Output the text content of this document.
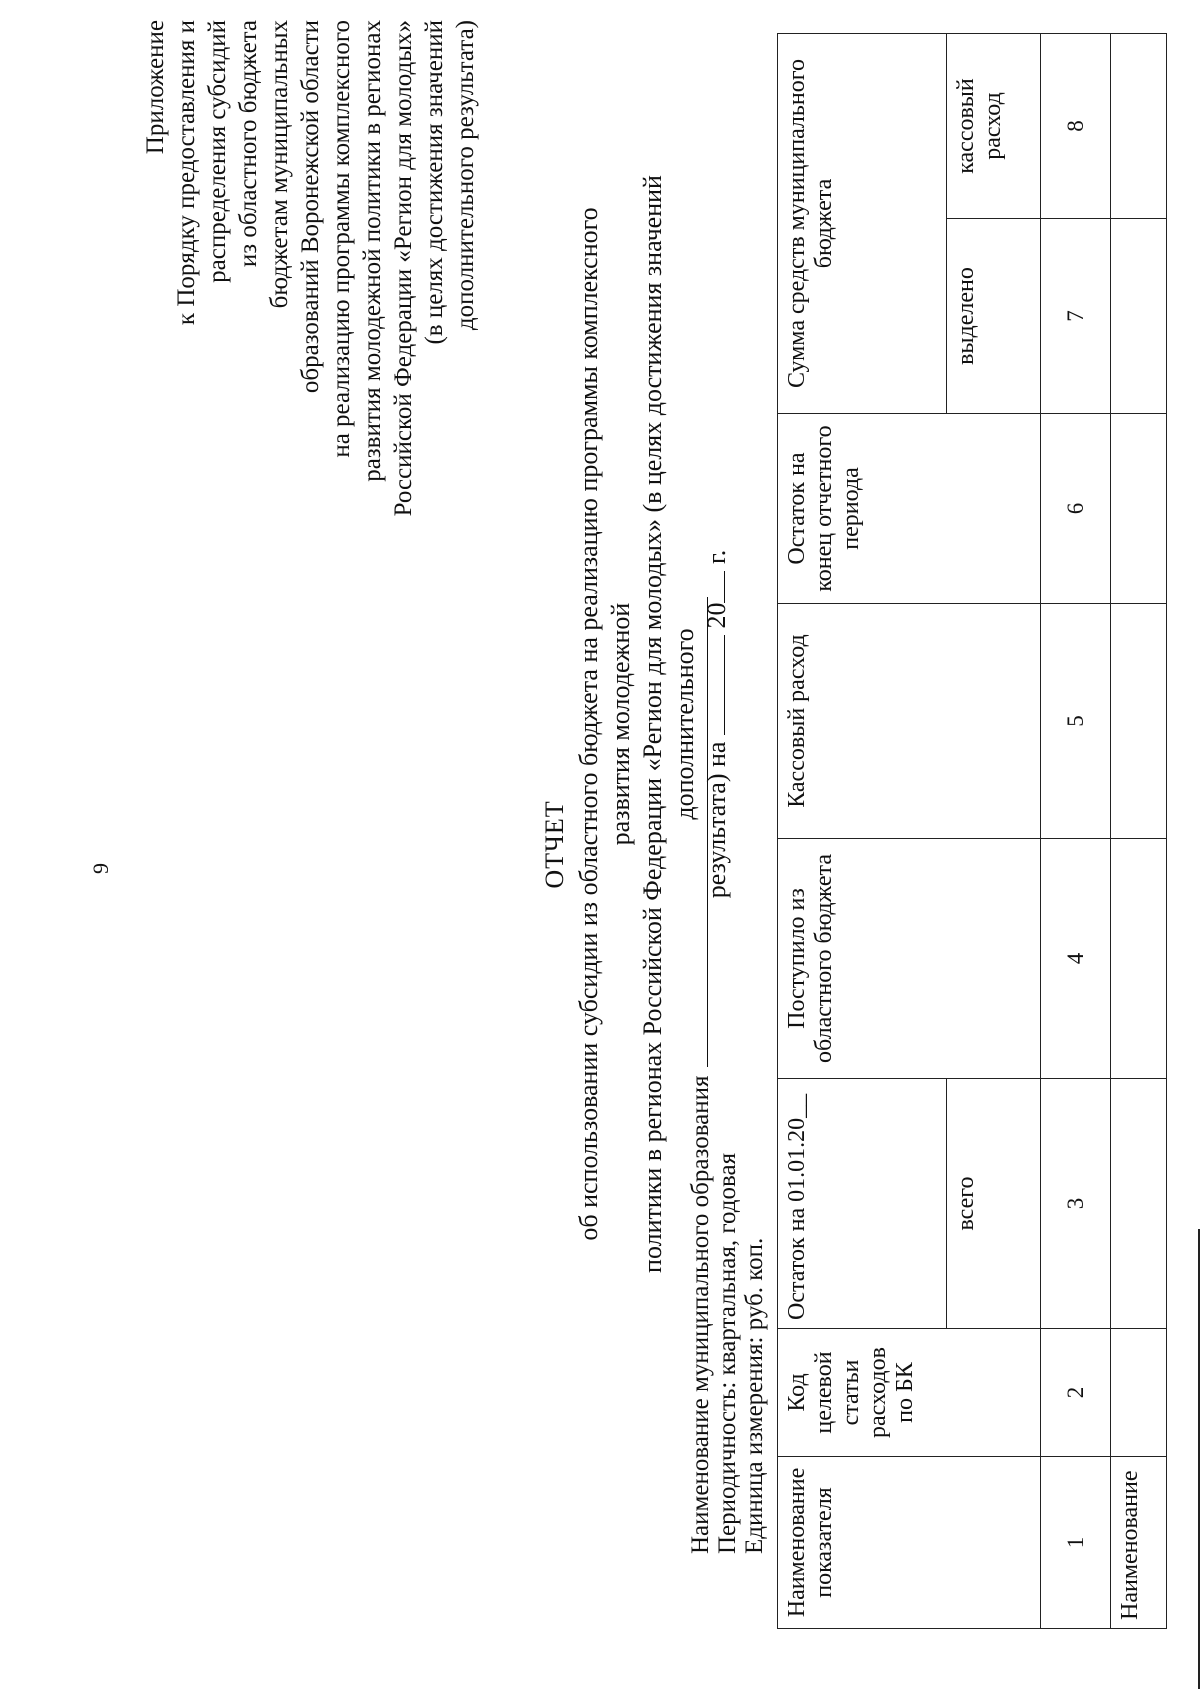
9
Приложение к Порядку предоставления и распределения субсидий из областного бюджета бюджетам муниципальных образований Воронежской области на реализацию программы комплексного развития молодежной политики в регионах Российской Федерации «Регион для молодых» (в целях достижения значений дополнительного результата)
ОТЧЕТ об использовании субсидии из областного бюджета на реализацию программы комплексного развития молодежной политики в регионах Российской Федерации «Регион для молодых» (в целях достижения значений дополнительного
результата) на  20 г.
Наименование муниципального образования Периодичность: квартальная, годовая Единица измерения: руб. коп. Наименование показателя	Код целевой статьи расходов по БК	Остаток на 01.01.20__	Поступило из областного бюджета	Кассовый расход	Остаток на конец отчетного периода	Сумма средств муниципального бюджета	
		всего				выделено	кассовый расход
1	2	3	4	5	6	7	8
Наименование							
